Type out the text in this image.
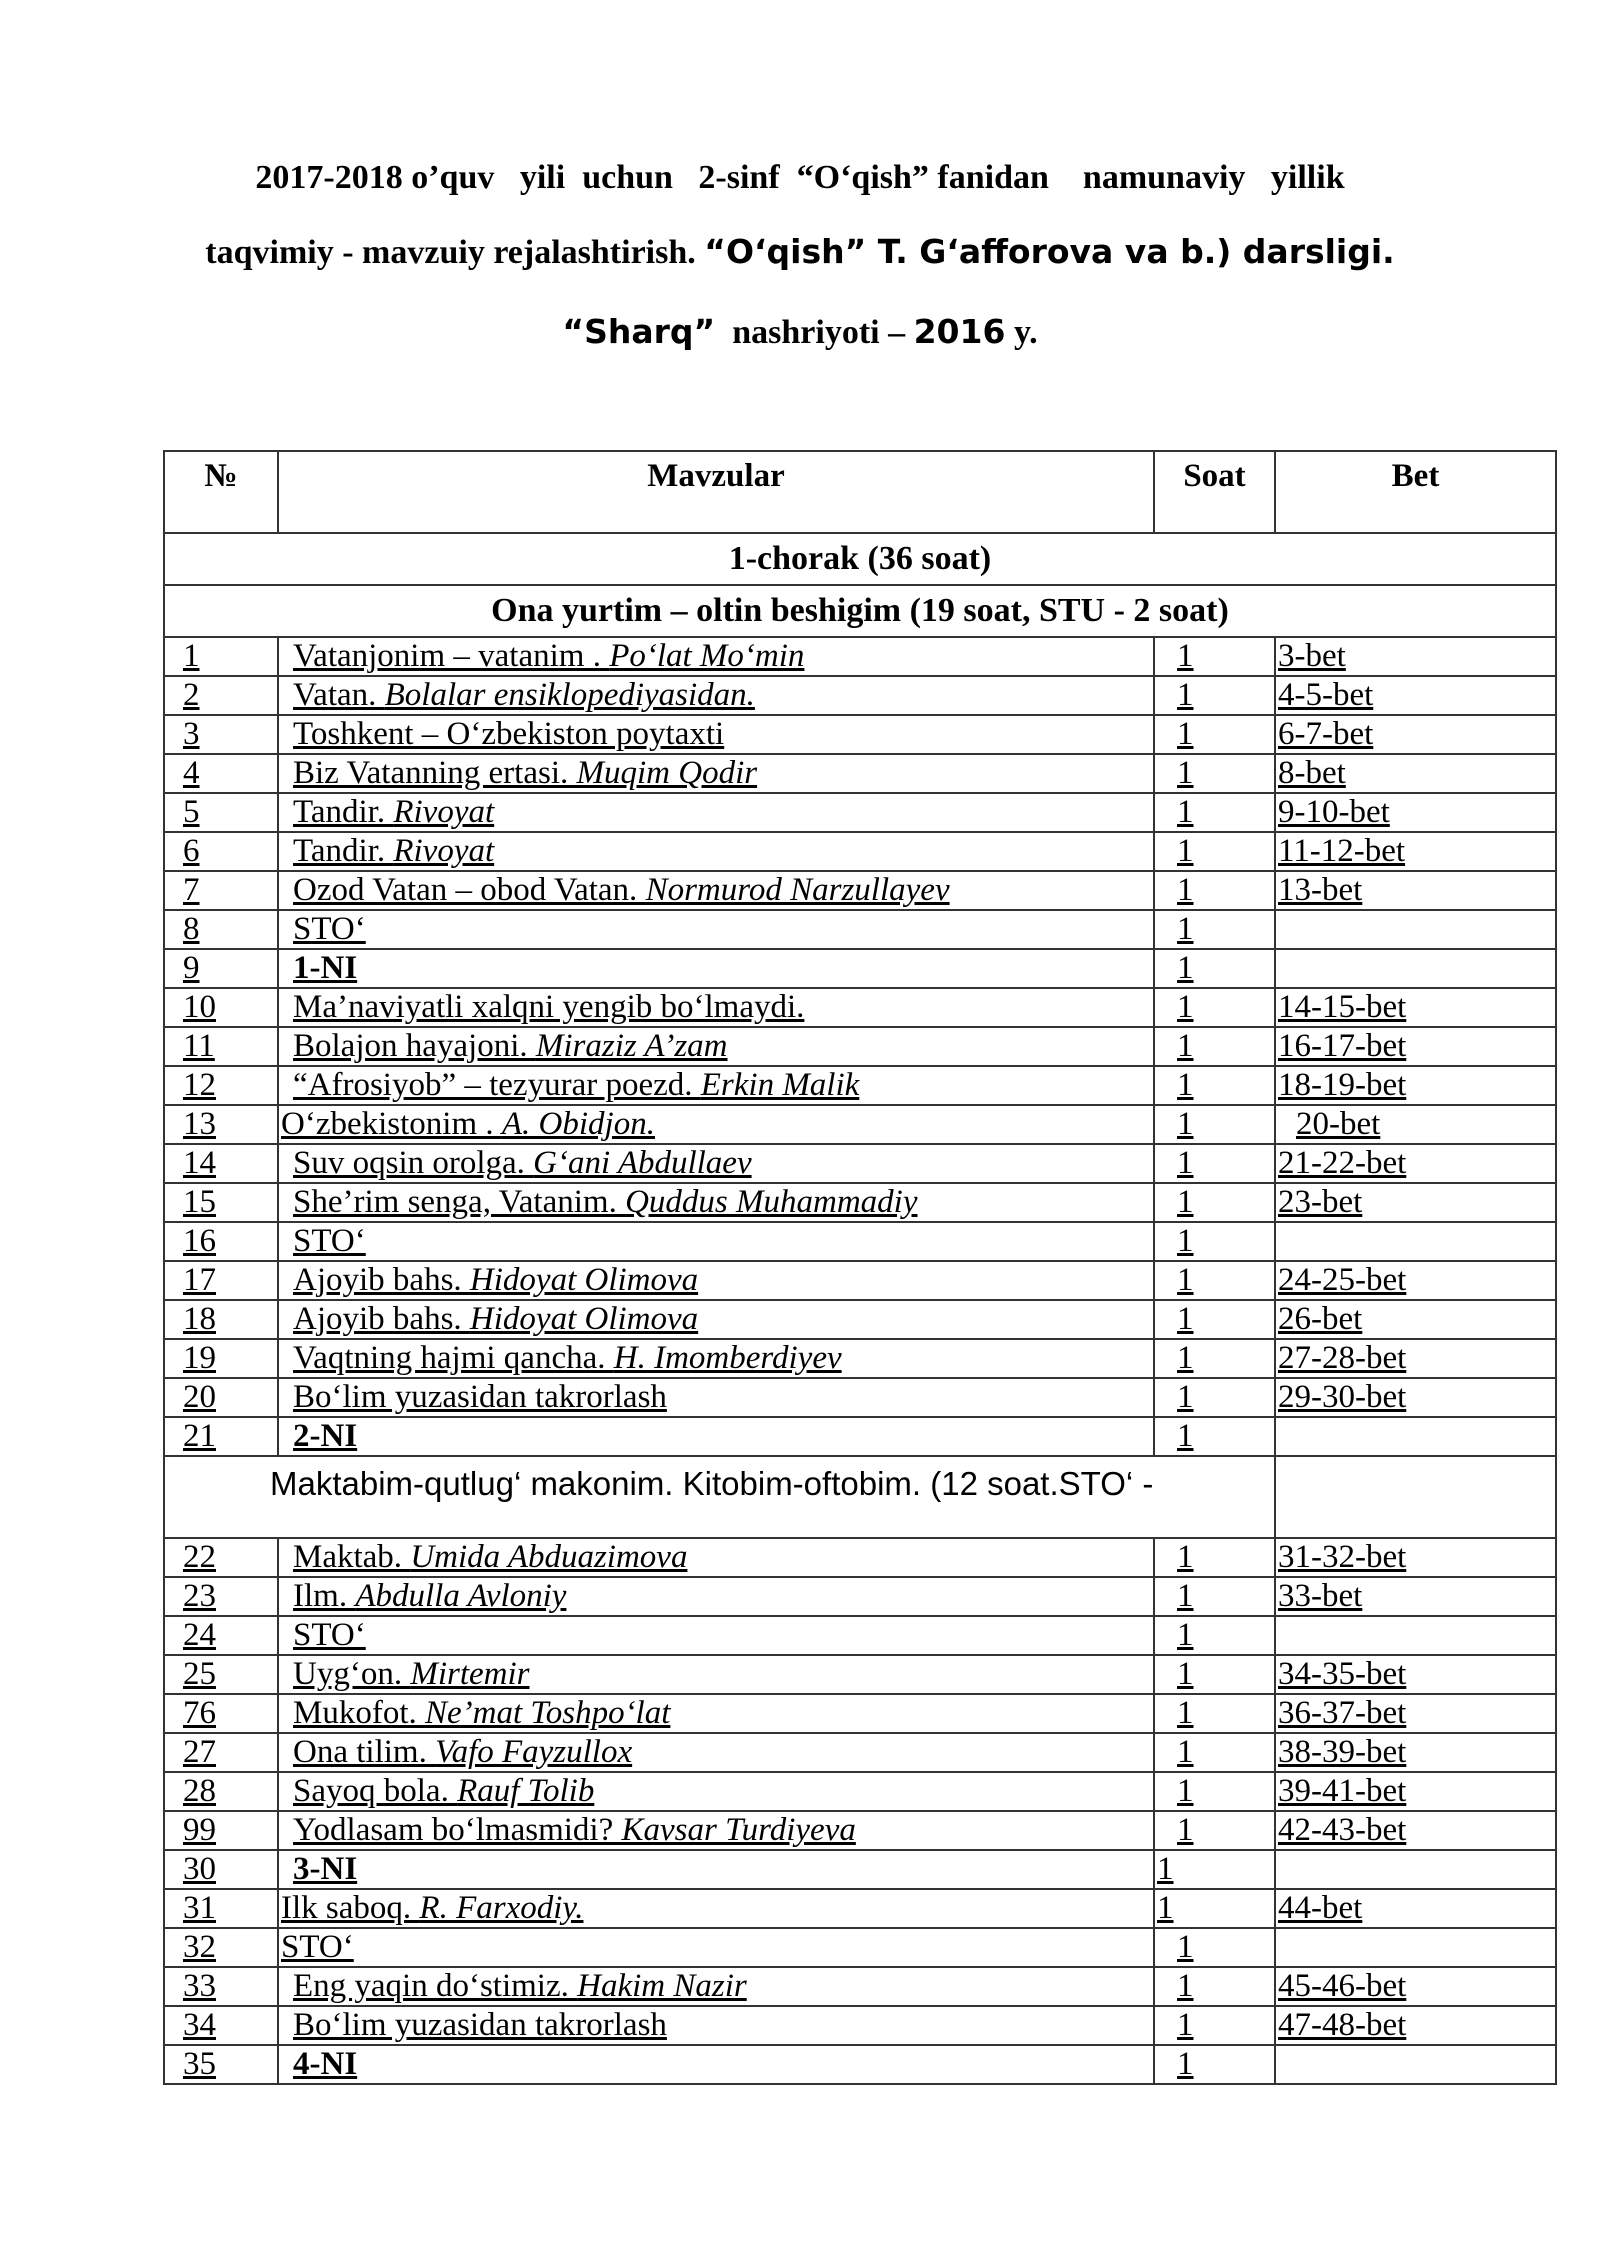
2017-2018 o’quv   yili  uchun   2-sinf  “O‘qish” fanidan    namunaviy   yillik
taqvimiy - mavzuiy rejalashtirish. “O‘qish” T. G‘afforova va b.) darsligi.
“Sharq”  nashriyoti – 2016 y.
№	Mavzular	Soat	Bet
1-chorak (36 soat)			
Ona yurtim – oltin beshigim (19 soat, STU - 2 soat)			
1	Vatanjonim – vatanim . Po‘lat Mo‘min	1	3-bet
2	Vatan. Bolalar ensiklopediyasidan.	1	4-5-bet
3	Toshkent – O‘zbekiston poytaxti	1	6-7-bet
4	Biz Vatanning ertasi. Muqim Qodir	1	8-bet
5	Tandir. Rivoyat	1	9-10-bet
6	Tandir. Rivoyat	1	11-12-bet
7	Ozod Vatan – obod Vatan. Normurod Narzullayev	1	13-bet
8	STO‘	1	
9	1-NI	1	
10	Ma’naviyatli xalqni yengib bo‘lmaydi.	1	14-15-bet
11	Bolajon hayajoni. Miraziz A’zam	1	16-17-bet
12	“Afrosiyob” – tezyurar poezd. Erkin Malik	1	18-19-bet
13	O‘zbekistonim . A. Obidjon.	1	20-bet
14	Suv oqsin orolga. G‘ani Abdullaev	1	21-22-bet
15	She’rim senga, Vatanim. Quddus Muhammadiy	1	23-bet
16	STO‘	1	
17	Ajoyib bahs. Hidoyat Olimova	1	24-25-bet
18	Ajoyib bahs. Hidoyat Olimova	1	26-bet
19	Vaqtning hajmi qancha. H. Imomberdiyev	1	27-28-bet
20	Bo‘lim yuzasidan takrorlash	1	29-30-bet
21	2-NI	1	
Maktabim-qutlug‘ makonim. Kitobim-oftobim. (12 soat.STO‘ -			
22	Maktab. Umida Abduazimova	1	31-32-bet
23	Ilm. Abdulla Avloniy	1	33-bet
24	STO‘	1	
25	Uyg‘on. Mirtemir	1	34-35-bet
76	Mukofot. Ne’mat Toshpo‘lat	1	36-37-bet
27	Ona tilim. Vafo Fayzullox	1	38-39-bet
28	Sayoq bola. Rauf Tolib	1	39-41-bet
99	Yodlasam bo‘lmasmidi? Kavsar Turdiyeva	1	42-43-bet
30	3-NI	1	
31	Ilk saboq. R. Farxodiy.	1	44-bet
32	STO‘	1	
33	Eng yaqin do‘stimiz. Hakim Nazir	1	45-46-bet
34	Bo‘lim yuzasidan takrorlash	1	47-48-bet
35	4-NI	1	
